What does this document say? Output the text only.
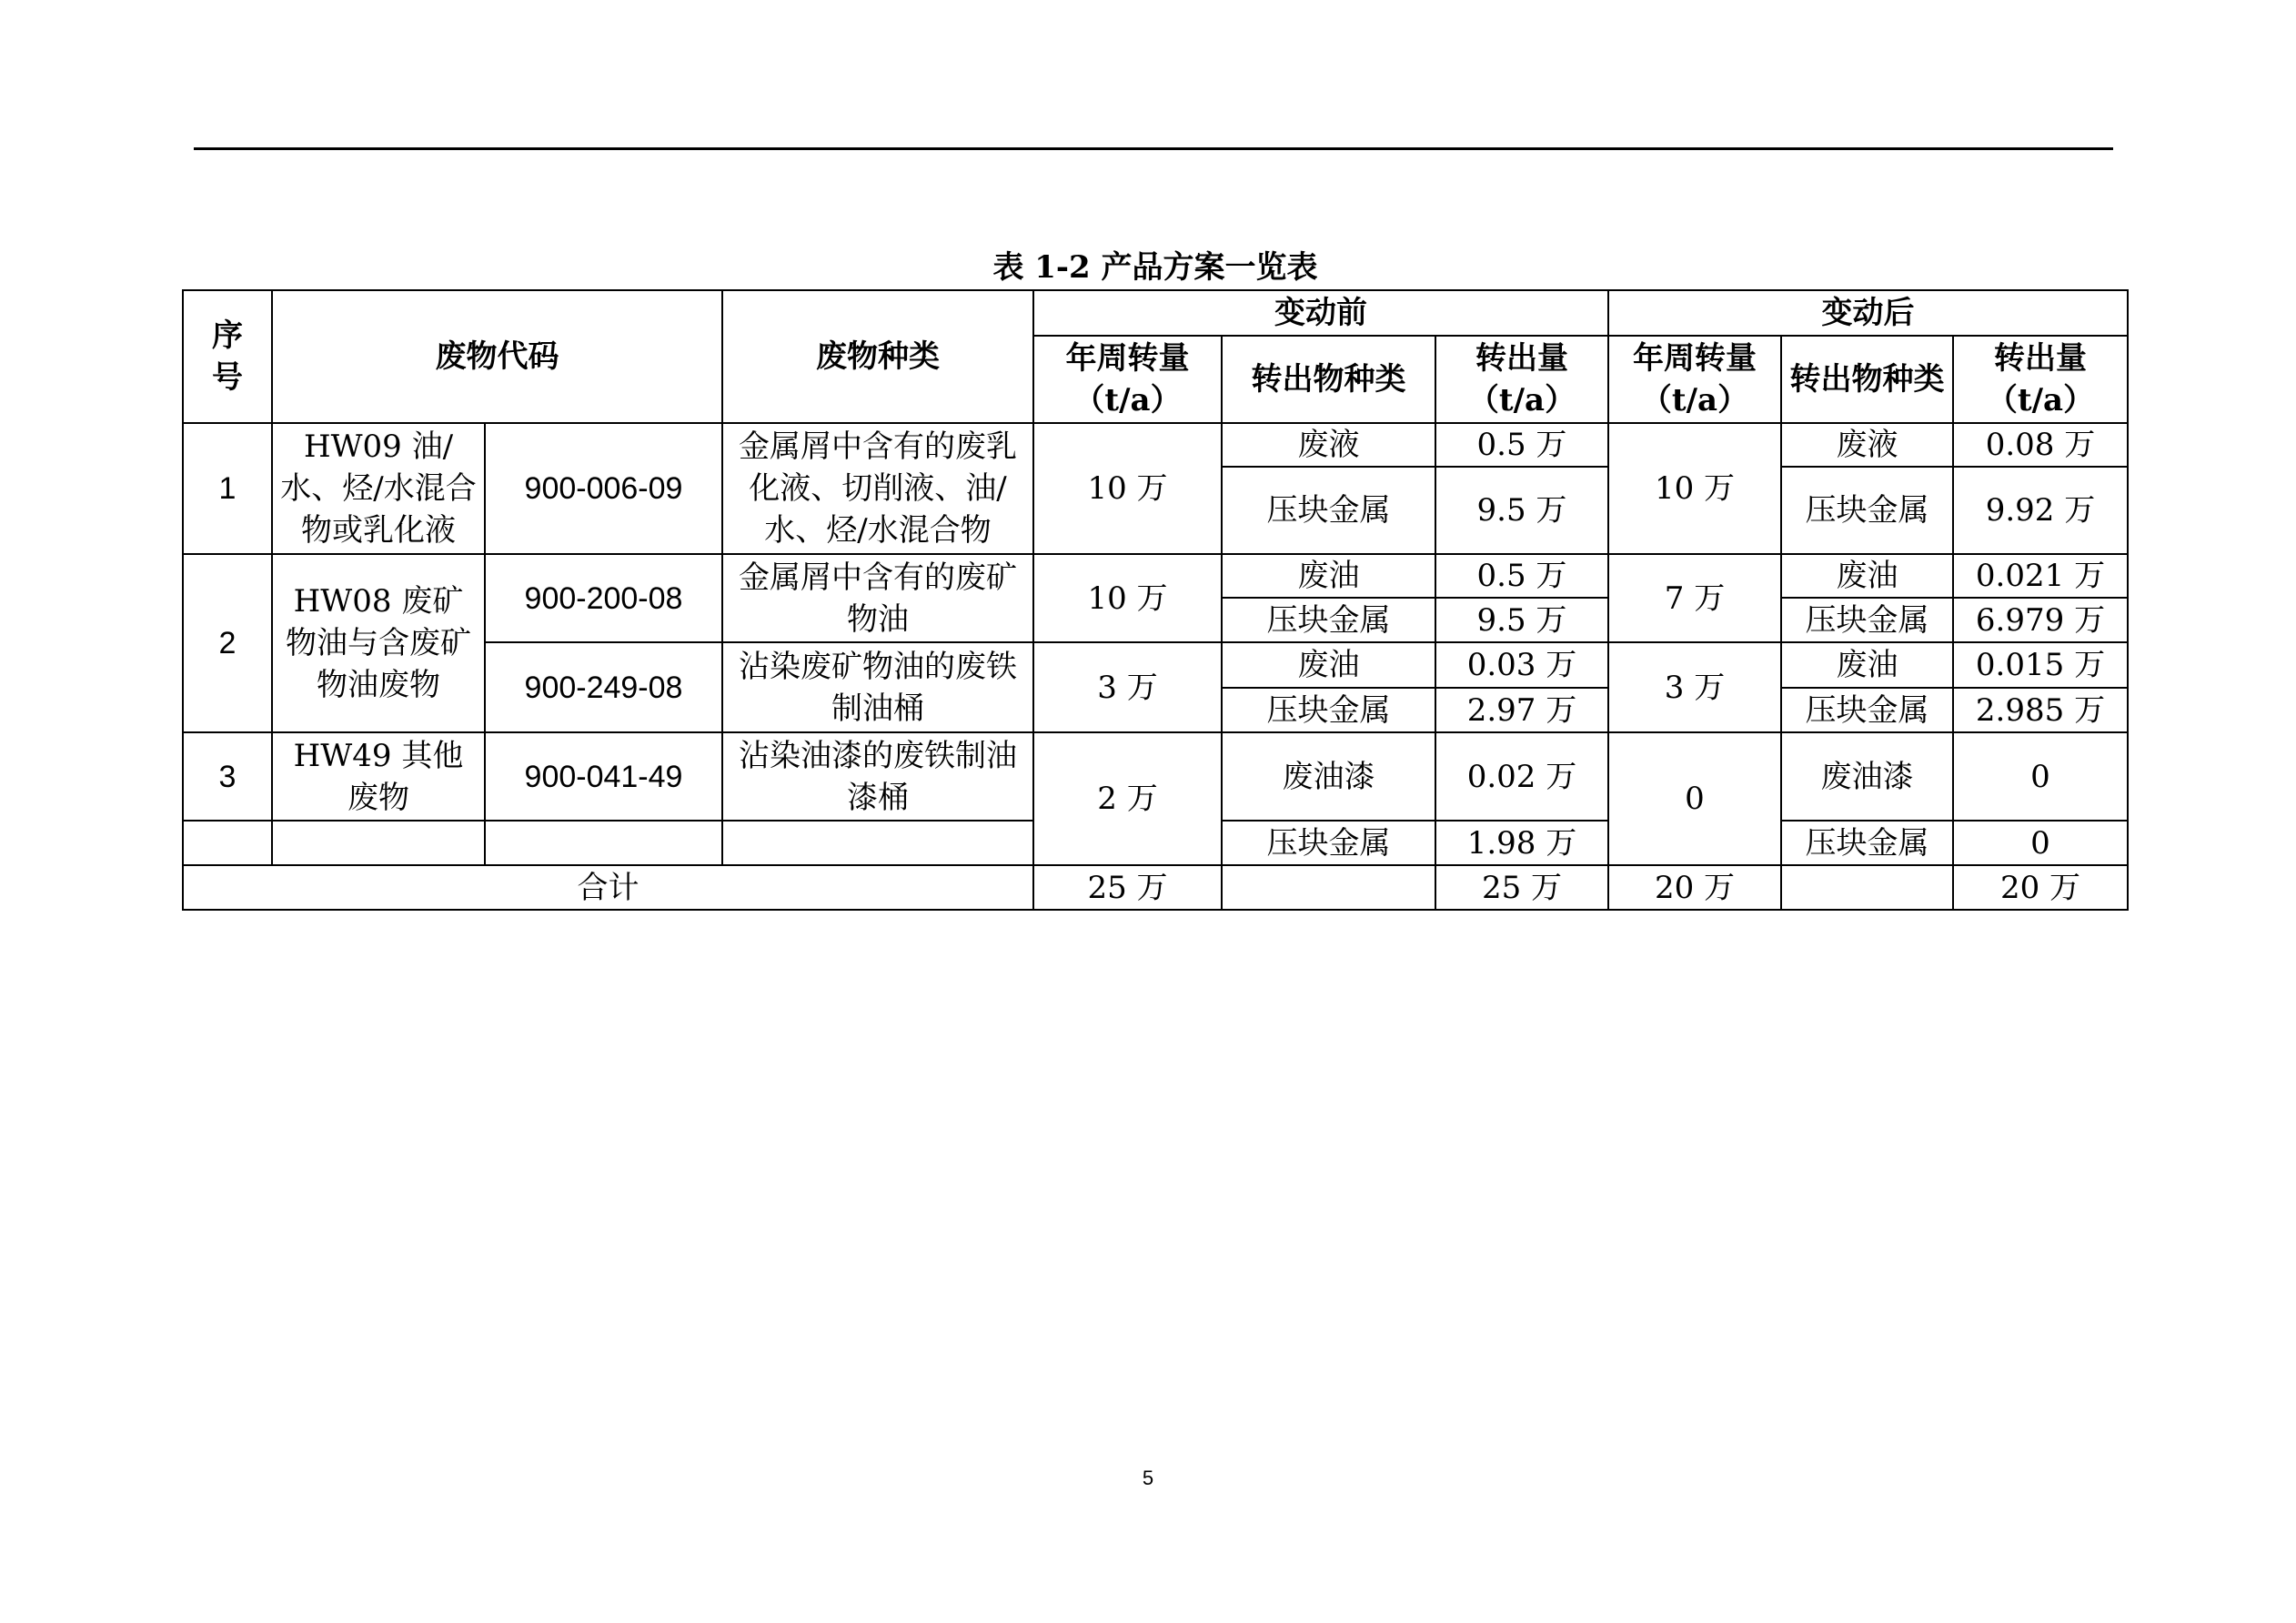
表 1-2 产品方案一览表
序号	废物代码		废物种类	变动前			变动后		
				年周转量（t/a）	转出物种类	转出量（t/a）	年周转量（t/a）	转出物种类	转出量（t/a）
1	HW09 油/水、烃/水混合物或乳化液	900-006-09	金属屑中含有的废乳化液、切削液、油/水、烃/水混合物	10 万	废液	0.5 万	10 万	废液	0.08 万
					压块金属	9.5 万		压块金属	9.92 万
2	HW08 废矿物油与含废矿物油废物	900-200-08	金属屑中含有的废矿物油	10 万	废油	0.5 万	7 万	废油	0.021 万
					压块金属	9.5 万		压块金属	6.979 万
		900-249-08	沾染废矿物油的废铁制油桶	3 万	废油	0.03 万	3 万	废油	0.015 万
					压块金属	2.97 万		压块金属	2.985 万
3	HW49 其他废物	900-041-49	沾染油漆的废铁制油漆桶	2 万	废油漆	0.02 万	0	废油漆	0
					压块金属	1.98 万		压块金属	0
合计				25 万		25 万	20 万		20 万
5
